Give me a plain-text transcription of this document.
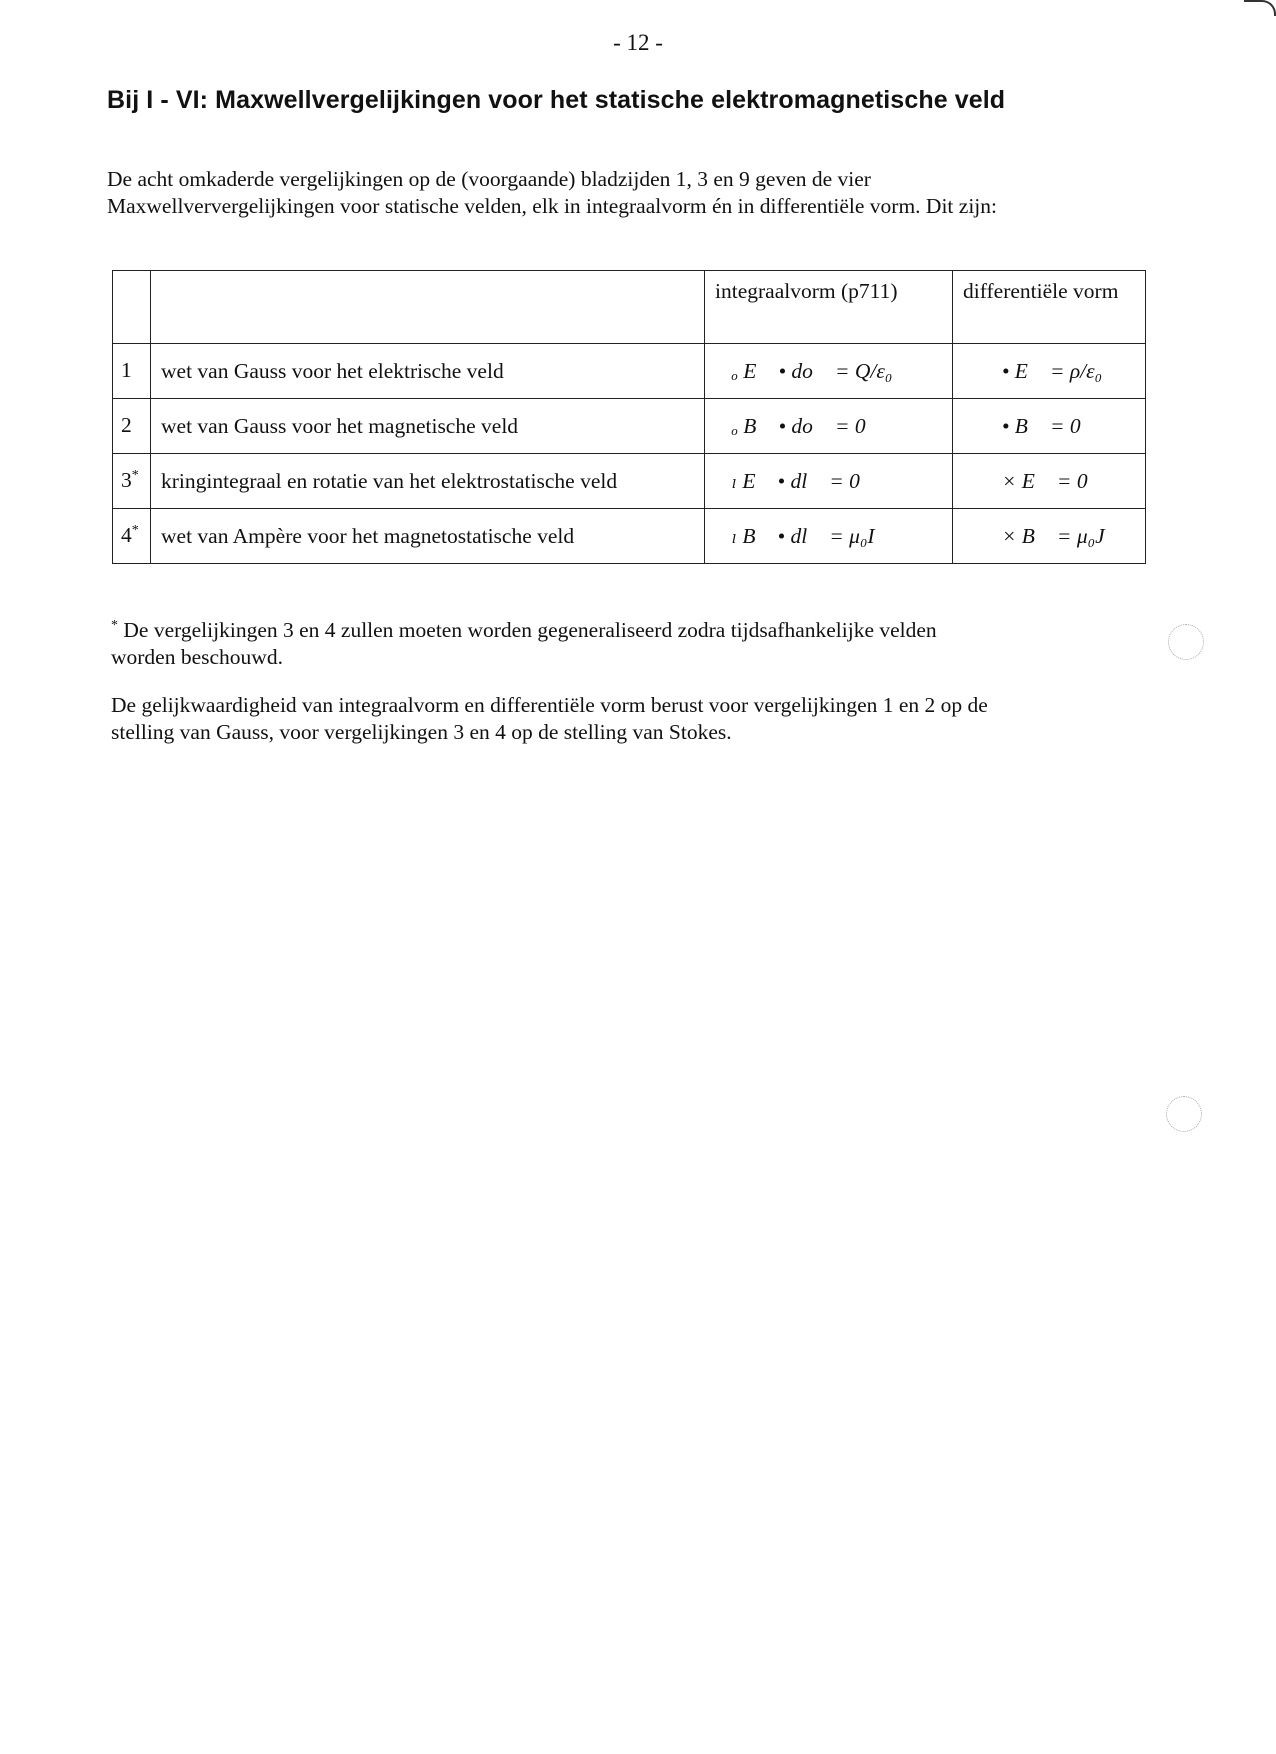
- 12 -
Bij I - VI: Maxwellvergelijkingen voor het statische elektromagnetische veld

De acht omkaderde vergelijkingen op de (voorgaande) bladzijden 1, 3 en 9 geven de vier
Maxwellververgelijkingen voor statische velden, elk in integraalvorm én in differentiële vorm. Dit zijn:

		integraalvorm (p711)	differentiële vorm
1	wet van Gauss voor het elektrische veld	∮ₒ E⃗ • do⃗ = Q/ε₀	∇⃗ • E⃗ = ρ/ε₀
2	wet van Gauss voor het magnetische veld	∮ₒ B⃗ • do⃗ = 0	∇⃗ • B⃗ = 0
3*	kringintegraal en rotatie van het elektrostatische veld	∮ₗ E⃗ • dl⃗ = 0	∇⃗ × E⃗ = 0⃗
4*	wet van Ampère voor het magnetostatische veld	∮ₗ B⃗ • dl⃗ = μ₀I	∇⃗ × B⃗ = μ₀J⃗

* De vergelijkingen 3 en 4 zullen moeten worden gegeneraliseerd zodra tijdsafhankelijke velden
worden beschouwd.

De gelijkwaardigheid van integraalvorm en differentiële vorm berust voor vergelijkingen 1 en 2 op de
stelling van Gauss, voor vergelijkingen 3 en 4 op de stelling van Stokes.
